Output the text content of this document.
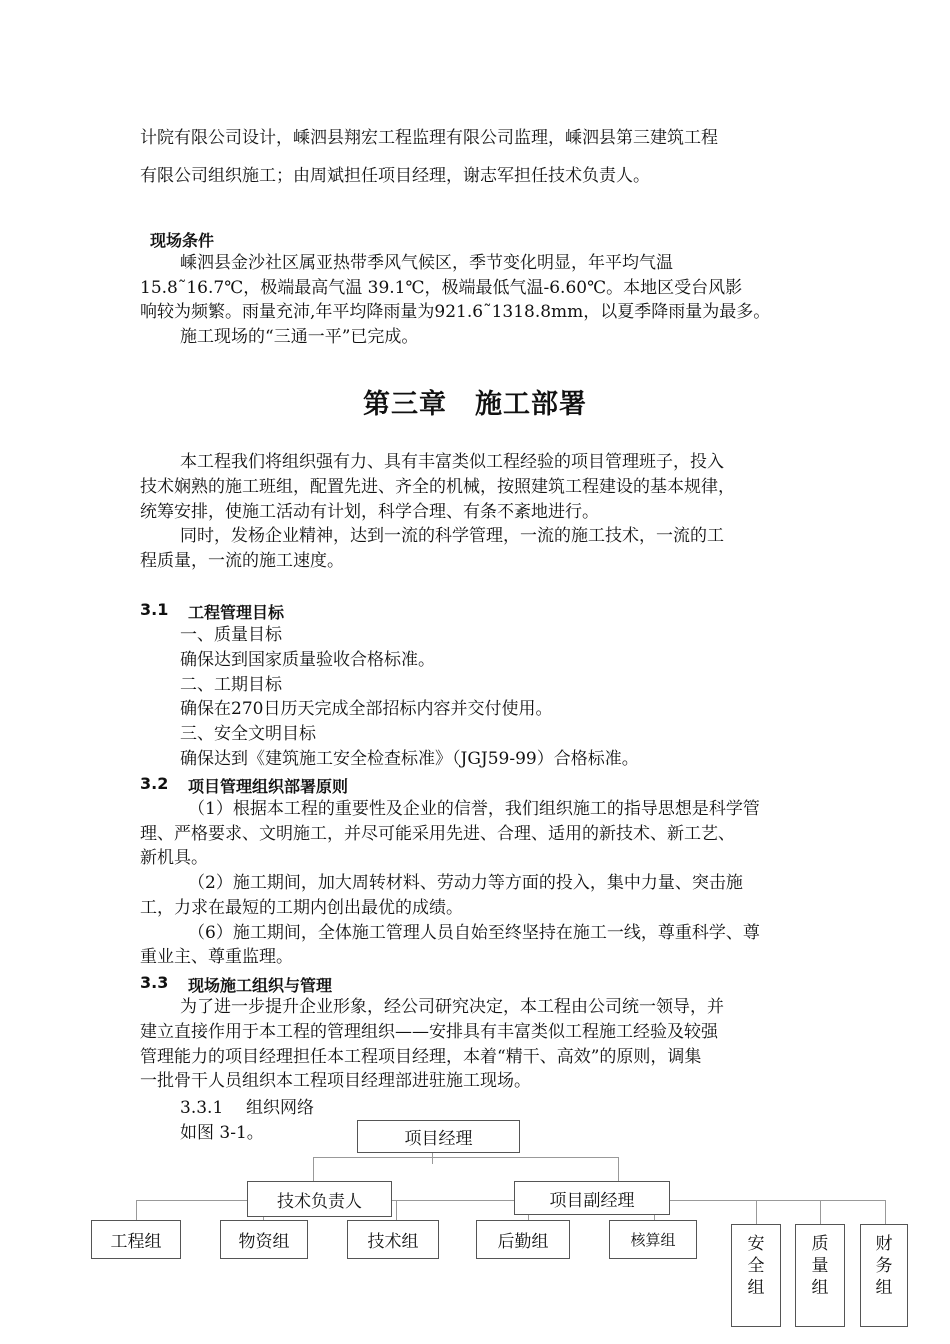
计院有限公司设计，嵊泗县翔宏工程监理有限公司监理，嵊泗县第三建筑工程
有限公司组织施工；由周斌担任项目经理，谢志军担任技术负责人。
现场条件
嵊泗县金沙社区属亚热带季风气候区，季节变化明显，年平均气温
15.8˜16.7℃，极端最高气温 39.1℃，极端最低气温-6.60℃。本地区受台风影
响较为频繁。雨量充沛,年平均降雨量为921.6˜1318.8mm，以夏季降雨量为最多。
施工现场的“三通一平”已完成。
第三章　施工部署
本工程我们将组织强有力、具有丰富类似工程经验的项目管理班子，投入
技术娴熟的施工班组，配置先进、齐全的机械，按照建筑工程建设的基本规律，
统筹安排，使施工活动有计划，科学合理、有条不紊地进行。
同时，发杨企业精神，达到一流的科学管理，一流的施工技术，一流的工
程质量，一流的施工速度。
3.1 工程管理目标
一、质量目标
确保达到国家质量验收合格标准。
二、工期目标
确保在270日历天完成全部招标内容并交付使用。
三、安全文明目标
确保达到《建筑施工安全检查标准》（JGJ59-99）合格标准。
3.2 项目管理组织部署原则
（1）根据本工程的重要性及企业的信誉，我们组织施工的指导思想是科学管
理、严格要求、文明施工，并尽可能采用先进、合理、适用的新技术、新工艺、
新机具。
（2）施工期间，加大周转材料、劳动力等方面的投入，集中力量、突击施
工，力求在最短的工期内创出最优的成绩。
（6）施工期间，全体施工管理人员自始至终坚持在施工一线，尊重科学、尊
重业主、尊重监理。
3.3 现场施工组织与管理
为了进一步提升企业形象，经公司研究决定，本工程由公司统一领导，并
建立直接作用于本工程的管理组织——安排具有丰富类似工程施工经验及较强
管理能力的项目经理担任本工程项目经理，本着“精干、高效”的原则，调集
一批骨干人员组织本工程项目经理部进驻施工现场。
3.3.1 组织网络
如图 3-1。	项目经理
技术负责人	项目副经理
工程组	物资组	技术组	后勤组	核算组	安
全
组
质
量
组
财
务
组
